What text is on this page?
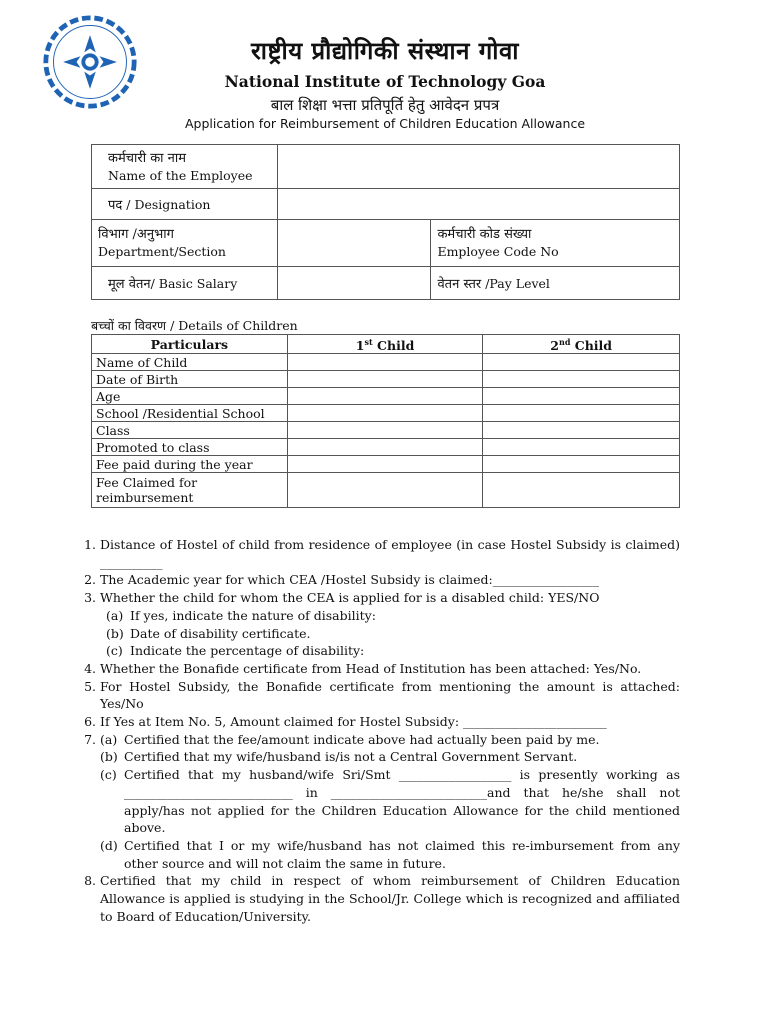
राष्ट्रीय प्रौद्योगिकी संस्थान गोवा
National Institute of Technology Goa
बाल शिक्षा भत्ता प्रतिपूर्ति हेतु आवेदन प्रपत्र
Application for Reimbursement of Children Education Allowance
कर्मचारी का नाम
Name of the Employee		

पद / Designation		

विभाग /अनुभाग
Department/Section		कर्मचारी कोड संख्या
Employee Code No

मूल वेतन/ Basic Salary		वेतन स्तर /Pay Level
बच्चों का विवरण / Details of Children
Particulars	1st Child	2nd Child
Name of Child		
Date of Birth		
Age		
School /Residential School		
Class		
Promoted to class		
Fee paid during the year		
Fee Claimed for reimbursement		
1. Distance of Hostel of child from residence of employee (in case Hostel Subsidy is claimed) __________
2. The Academic year for which CEA /Hostel Subsidy is claimed:_________________
3. Whether the child for whom the CEA is applied for is a disabled child: YES/NO
(a) If yes, indicate the nature of disability:
(b) Date of disability certificate.
(c) Indicate the percentage of disability:
4. Whether the Bonafide certificate from Head of Institution has been attached: Yes/No.
5. For Hostel Subsidy, the Bonafide certificate from mentioning the amount is attached: Yes/No
6. If Yes at Item No. 5, Amount claimed for Hostel Subsidy: _______________________
7. (a) Certified that the fee/amount indicate above had actually been paid by me.
(b) Certified that my wife/husband is/is not a Central Government Servant.
(c) Certified that my husband/wife Sri/Smt __________________ is presently working as ___________________________ in _________________________and that he/she shall not apply/has not applied for the Children Education Allowance for the child mentioned above.
(d) Certified that I or my wife/husband has not claimed this re-imbursement from any other source and will not claim the same in future.
8. Certified that my child in respect of whom reimbursement of Children Education Allowance is applied is studying in the School/Jr. College which is recognized and affiliated to Board of Education/University.
